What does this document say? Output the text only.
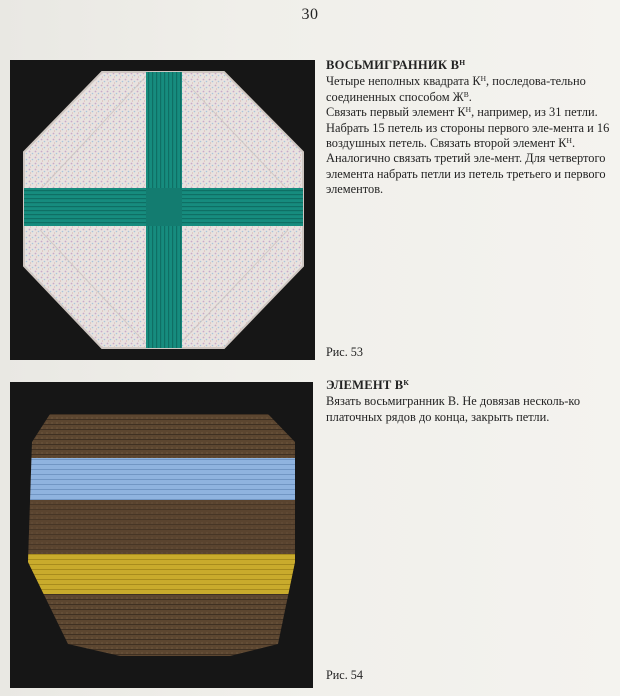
30
ВОСЬМИГРАННИК $В^Н$

Четыре неполных квадрата $К^Н$, последова-тельно соединенных способом $Ж^В$.

Связать первый элемент $К^Н$, например, из 31 петли.

Набрать 15 петель из стороны первого эле-мента и 16 воздушных петель. Связать второй элемент $К^Н$. Аналогично связать третий эле-мент. Для четвертого элемента набрать петли из петель третьего и первого элементов.

Рис. 53
ЭЛЕМЕНТ $В^К$

Вязать восьмигранник В. Не довязав несколь-ко платочных рядов до конца, закрыть петли.

Рис. 54
